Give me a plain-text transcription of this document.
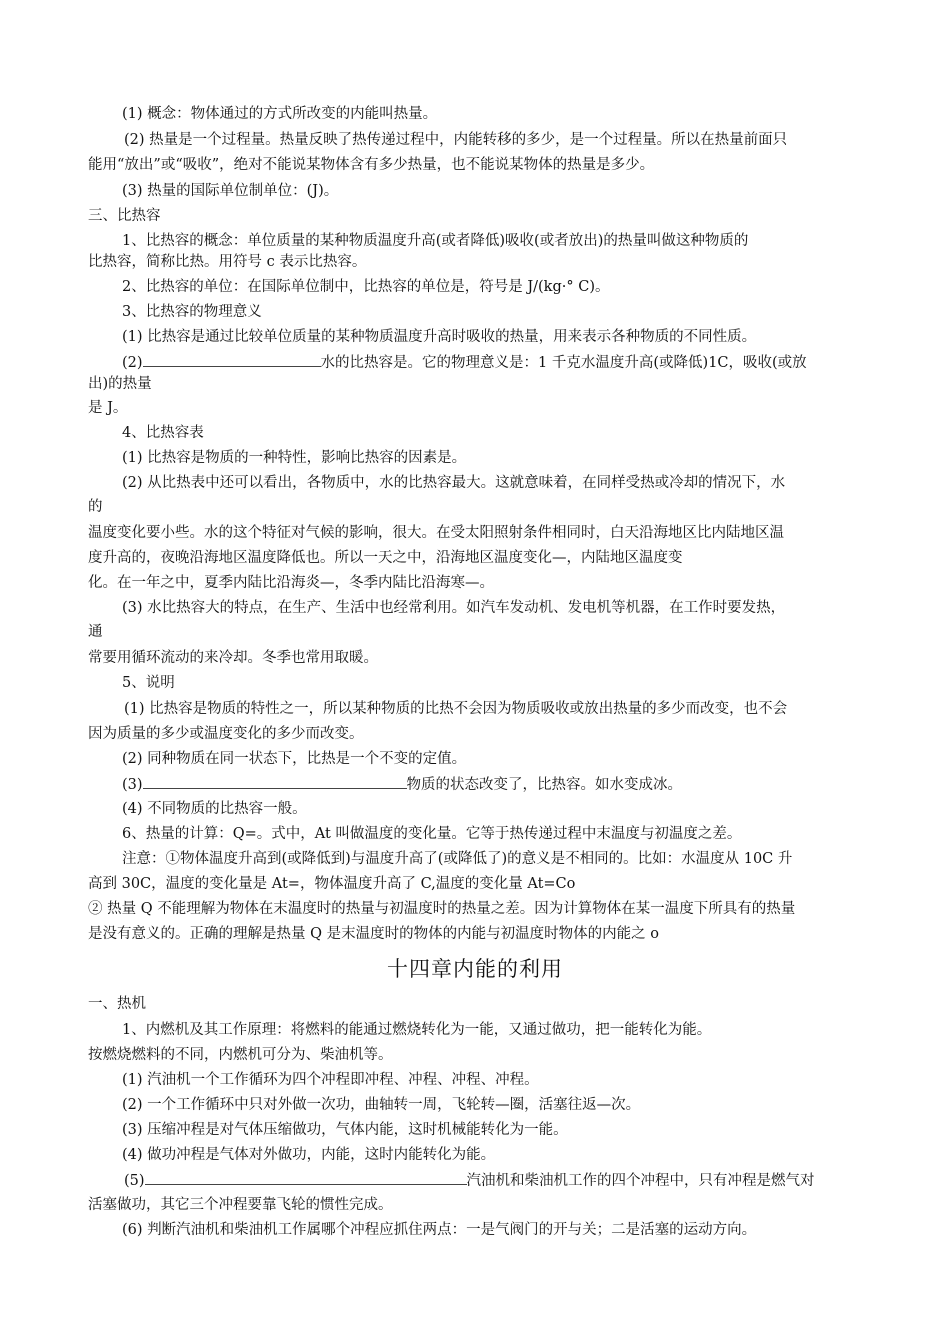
(1) 概念：物体通过的方式所改变的内能叫热量。
(2) 热量是一个过程量。热量反映了热传递过程中，内能转移的多少，是一个过程量。所以在热量前面只
能用“放出”或“吸收”，绝对不能说某物体含有多少热量，也不能说某物体的热量是多少。
(3) 热量的国际单位制单位：(J)。
三、比热容
1、比热容的概念：单位质量的某种物质温度升高(或者降低)吸收(或者放出)的热量叫做这种物质的
比热容，简称比热。用符号 c 表示比热容。
2、比热容的单位：在国际单位制中，比热容的单位是，符号是 J/(kg·° C)。
3、比热容的物理意义
(1) 比热容是通过比较单位质量的某种物质温度升高时吸收的热量，用来表示各种物质的不同性质。
(2)	水的比热容是。它的物理意义是：1 千克水温度升高(或降低)1C，吸收(或放
出)的热量
是 J。
4、比热容表
(1) 比热容是物质的一种特性，影响比热容的因素是。
(2) 从比热表中还可以看出，各物质中，水的比热容最大。这就意味着，在同样受热或冷却的情况下，水
的
温度变化要小些。水的这个特征对气候的影响，很大。在受太阳照射条件相同时，白天沿海地区比内陆地区温
度升高的，夜晚沿海地区温度降低也。所以一天之中，沿海地区温度变化—，内陆地区温度变
化。在一年之中，夏季内陆比沿海炎—，冬季内陆比沿海寒—。
(3) 水比热容大的特点，在生产、生活中也经常利用。如汽车发动机、发电机等机器，在工作时要发热，
通
常要用循环流动的来冷却。冬季也常用取暖。
5、说明
(1) 比热容是物质的特性之一，所以某种物质的比热不会因为物质吸收或放出热量的多少而改变，也不会
因为质量的多少或温度变化的多少而改变。
(2) 同种物质在同一状态下，比热是一个不变的定值。
(3)	物质的状态改变了，比热容。如水变成冰。
(4) 不同物质的比热容一般。
6、热量的计算：Q=。式中，At 叫做温度的变化量。它等于热传递过程中末温度与初温度之差。
注意：①物体温度升高到(或降低到)与温度升高了(或降低了)的意义是不相同的。比如：水温度从 10C 升
高到 30C，温度的变化量是 At=，物体温度升高了 C,温度的变化量 At=Co
② 热量 Q 不能理解为物体在末温度时的热量与初温度时的热量之差。因为计算物体在某一温度下所具有的热量
是没有意义的。正确的理解是热量 Q 是末温度时的物体的内能与初温度时物体的内能之 o
十四章内能的利用
一、热机
1、内燃机及其工作原理：将燃料的能通过燃烧转化为一能，又通过做功，把一能转化为能。
按燃烧燃料的不同，内燃机可分为、柴油机等。
(1) 汽油机一个工作循环为四个冲程即冲程、冲程、冲程、冲程。
(2) 一个工作循环中只对外做一次功，曲轴转一周，飞轮转—圈，活塞往返—次。
(3) 压缩冲程是对气体压缩做功，气体内能，这时机械能转化为一能。
(4) 做功冲程是气体对外做功，内能，这时内能转化为能。
(5)	汽油机和柴油机工作的四个冲程中，只有冲程是燃气对
活塞做功，其它三个冲程要靠飞轮的惯性完成。
(6) 判断汽油机和柴油机工作属哪个冲程应抓住两点：一是气阀门的开与关；二是活塞的运动方向。
